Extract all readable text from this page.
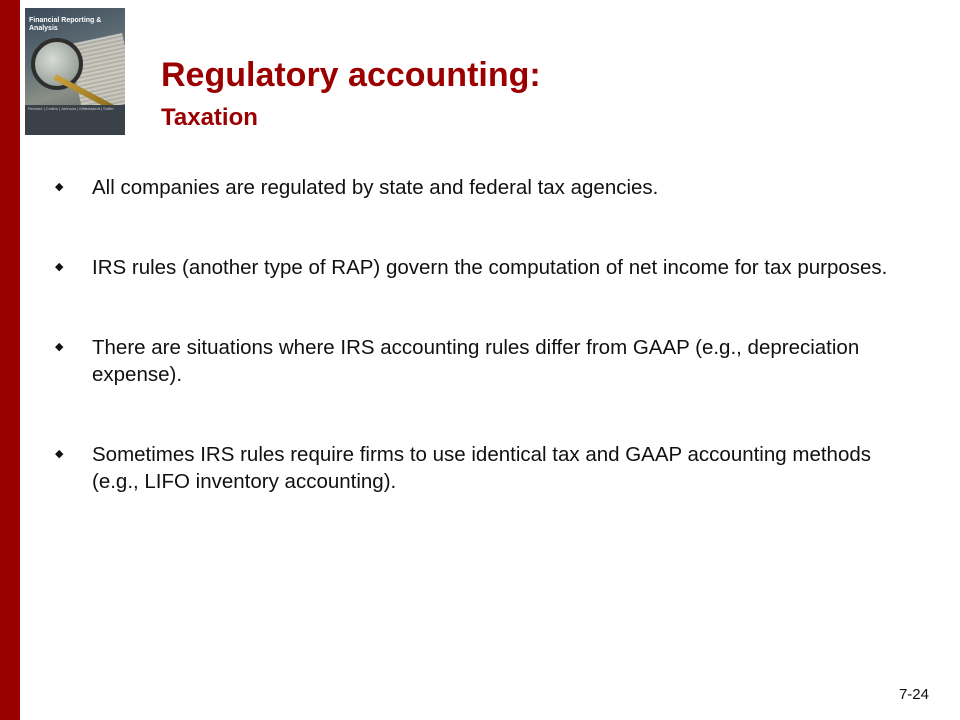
Financial Reporting & Analysis
Revsine | Collins | Johnson | Mittelstaedt | Soffer
Regulatory accounting:
Taxation
◆ All companies are regulated by state and federal tax agencies.
◆ IRS rules (another type of RAP) govern the computation of net income for tax purposes.
◆ There are situations where IRS accounting rules differ from GAAP (e.g., depreciation expense).
◆ Sometimes IRS rules require firms to use identical tax and GAAP accounting methods (e.g., LIFO inventory accounting).
7-24
